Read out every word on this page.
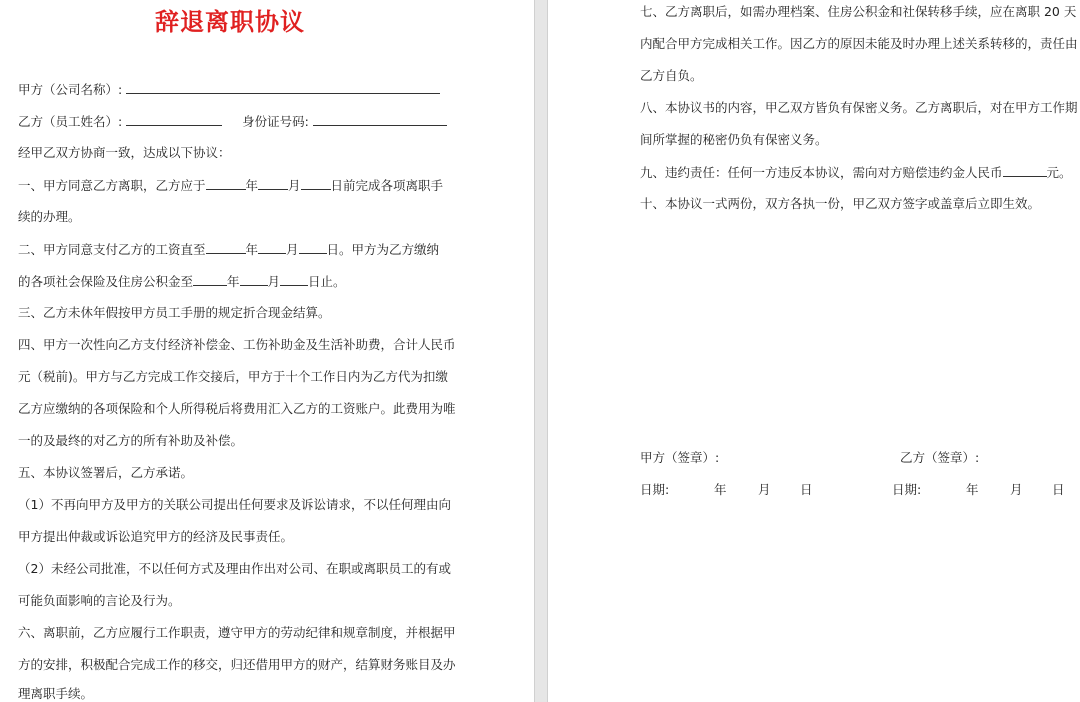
辞退离职协议
甲方（公司名称）:
乙方（员工姓名）:	身份证号码:
经甲乙双方协商一致，达成以下协议：
一、甲方同意乙方离职，乙方应于	年 月 日前完成各项离职手
续的办理。
二、甲方同意支付乙方的工资直至	年 月 日。甲方为乙方缴纳
的各项社会保险及住房公积金至	年 月 日止。
三、乙方未休年假按甲方员工手册的规定折合现金结算。
四、甲方一次性向乙方支付经济补偿金、工伤补助金及生活补助费，合计人民币
元（税前)。甲方与乙方完成工作交接后，甲方于十个工作日内为乙方代为扣缴
乙方应缴纳的各项保险和个人所得税后将费用汇入乙方的工资账户。此费用为唯
一的及最终的对乙方的所有补助及补偿。
五、本协议签署后，乙方承诺。
（1）不再向甲方及甲方的关联公司提出任何要求及诉讼请求，不以任何理由向
甲方提出仲裁或诉讼追究甲方的经济及民事责任。
（2）未经公司批准，不以任何方式及理由作出对公司、在职或离职员工的有或
可能负面影响的言论及行为。
六、离职前，乙方应履行工作职责，遵守甲方的劳动纪律和规章制度，并根据甲
方的安排，积极配合完成工作的移交，归还借用甲方的财产，结算财务账目及办
理离职手续。
七、乙方离职后，如需办理档案、住房公积金和社保转移手续，应在离职 20 天
内配合甲方完成相关工作。因乙方的原因未能及时办理上述关系转移的，责任由
乙方自负。
八、本协议书的内容，甲乙双方皆负有保密义务。乙方离职后，对在甲方工作期
间所掌握的秘密仍负有保密义务。
九、违约责任：任何一方违反本协议，需向对方赔偿违约金人民币	元。
十、本协议一式两份，双方各执一份，甲乙双方签字或盖章后立即生效。
甲方（签章）:	乙方（签章）:
日期:	年	月 日	日期:	年	月 日
